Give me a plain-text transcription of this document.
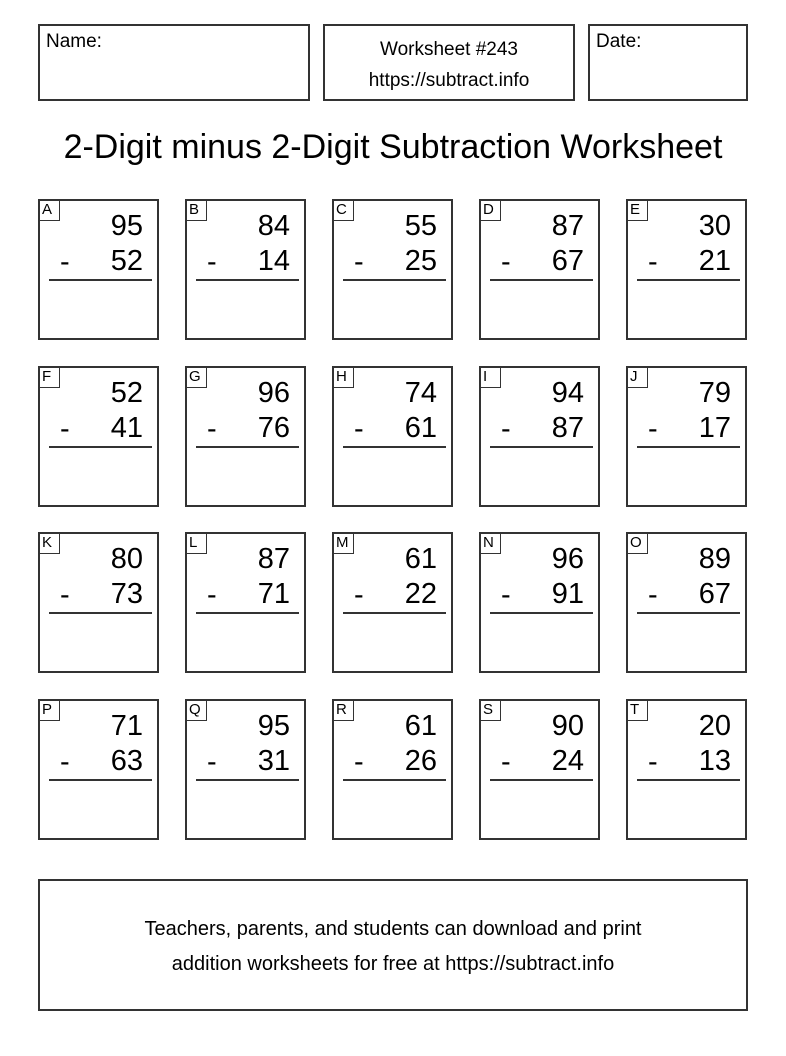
Name:	Worksheet #243
https://subtract.info
Date:
2-Digit minus 2-Digit Subtraction Worksheet
A
95
- 52
B
84
- 14
C
55
- 25
D
87
- 67
E
30
- 21
F
52
- 41
G
96
- 76
H
74
- 61
I
94
- 87
J
79
- 17
K
80
- 73
L
87
- 71
M
61
- 22
N
96
- 91
O
89
- 67
P
71
- 63
Q
95
- 31
R
61
- 26
S
90
- 24
T
20
- 13
Teachers, parents, and students can download and print
addition worksheets for free at https://subtract.info
